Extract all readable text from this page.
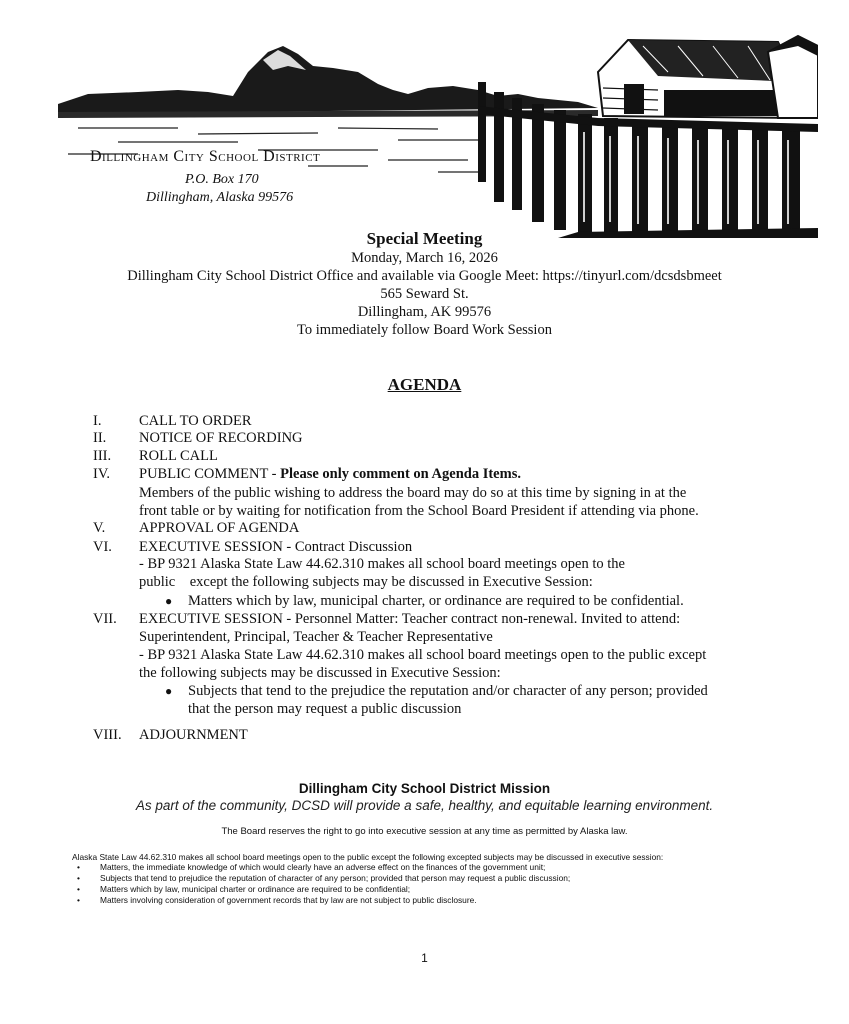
Dillingham City School District
P.O. Box 170
Dillingham, Alaska 99576
Special Meeting
Monday, March 16, 2026
Dillingham City School District Office and available via Google Meet: https://tinyurl.com/dcsdsbmeet
565 Seward St.
Dillingham, AK 99576
To immediately follow Board Work Session
AGENDA
I.	CALL TO ORDER
II. NOTICE OF RECORDING
III. ROLL CALL
IV. PUBLIC COMMENT - Please only comment on Agenda Items.
Members of the public wishing to address the board may do so at this time by signing in at the
front table or by waiting for notification from the School Board President if attending via phone.
V. APPROVAL OF AGENDA
VI. EXECUTIVE SESSION - Contract Discussion
- BP 9321 Alaska State Law 44.62.310 makes all school board meetings open to the
public    except the following subjects may be discussed in Executive Session:
● Matters which by law, municipal charter, or ordinance are required to be confidential.
VII. EXECUTIVE SESSION - Personnel Matter: Teacher contract non-renewal. Invited to attend:
Superintendent, Principal, Teacher & Teacher Representative
- BP 9321 Alaska State Law 44.62.310 makes all school board meetings open to the public except
the following subjects may be discussed in Executive Session:
● Subjects that tend to the prejudice the reputation and/or character of any person; provided
that the person may request a public discussion
VIII. ADJOURNMENT
Dillingham City School District Mission
As part of the community, DCSD will provide a safe, healthy, and equitable learning environment.
The Board reserves the right to go into executive session at any time as permitted by Alaska law.
Alaska State Law 44.62.310 makes all school board meetings open to the public except the following excepted subjects may be discussed in executive session:
• Matters, the immediate knowledge of which would clearly have an adverse effect on the finances of the government unit;
• Subjects that tend to prejudice the reputation of character of any person; provided that person may request a public discussion;
• Matters which by law, municipal charter or ordinance are required to be confidential;
• Matters involving consideration of government records that by law are not subject to public disclosure.
1
